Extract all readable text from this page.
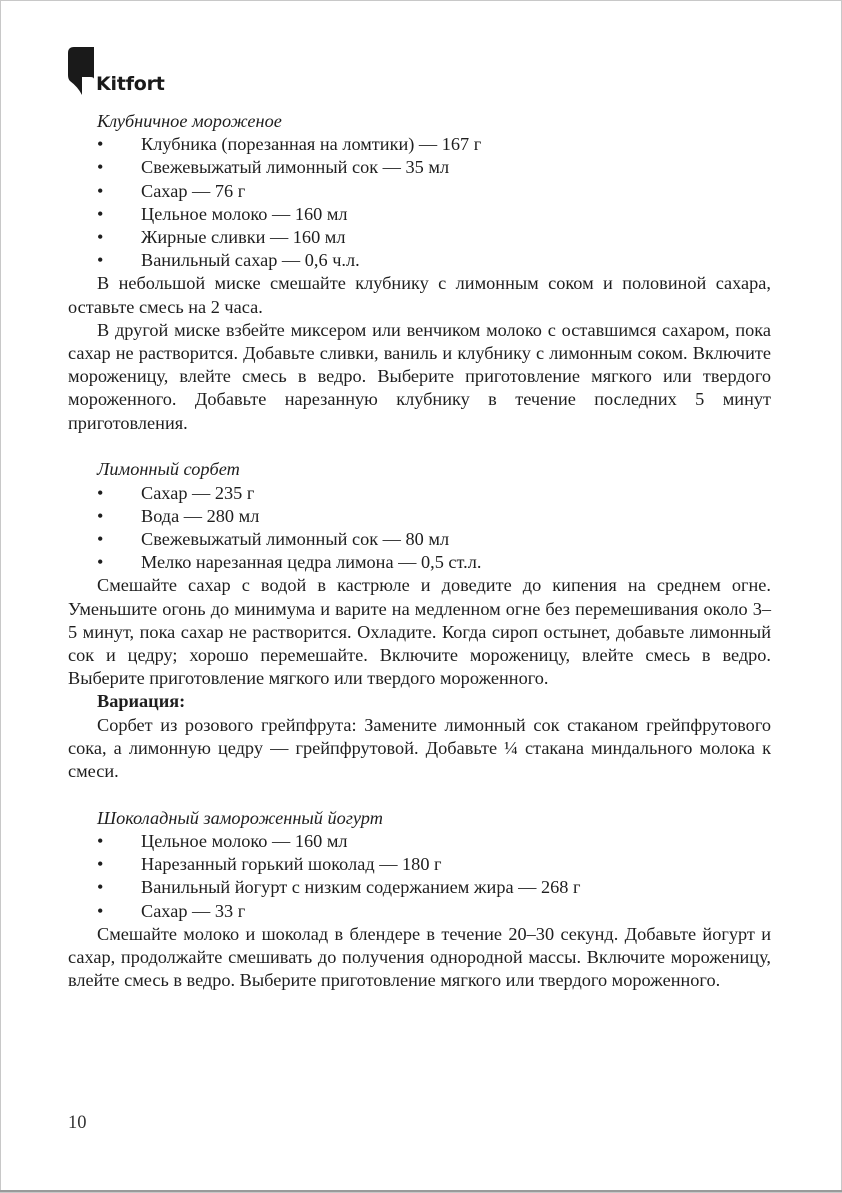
Kitfort

Клубничное мороженое

• Клубника (порезанная на ломтики) — 167 г
• Свежевыжатый лимонный сок — 35 мл
• Сахар — 76 г
• Цельное молоко — 160 мл
• Жирные сливки — 160 мл
• Ванильный сахар — 0,6 ч.л.

В небольшой миске смешайте клубнику с лимонным соком и половиной сахара, оставьте смесь на 2 часа.

В другой миске взбейте миксером или венчиком молоко с оставшимся сахаром, пока сахар не растворится. Добавьте сливки, ваниль и клубнику с лимонным соком. Включите мороженицу, влейте смесь в ведро. Выберите приготовление мягкого или твердого мороженного. Добавьте нарезанную клубнику в течение последних 5 минут приготовления.

Лимонный сорбет

• Сахар — 235 г
• Вода — 280 мл
• Свежевыжатый лимонный сок — 80 мл
• Мелко нарезанная цедра лимона — 0,5 ст.л.

Смешайте сахар с водой в кастрюле и доведите до кипения на среднем огне. Уменьшите огонь до минимума и варите на медленном огне без перемешивания около 3–5 минут, пока сахар не растворится. Охладите. Когда сироп остынет, добавьте лимонный сок и цедру; хорошо перемешайте. Включите мороженицу, влейте смесь в ведро. Выберите приготовление мягкого или твердого мороженного.

Вариация:

Сорбет из розового грейпфрута: Замените лимонный сок стаканом грейпфрутового сока, а лимонную цедру — грейпфрутовой. Добавьте ¼ стакана миндального молока к смеси.

Шоколадный замороженный йогурт

• Цельное молоко — 160 мл
• Нарезанный горький шоколад — 180 г
• Ванильный йогурт с низким содержанием жира — 268 г
• Сахар — 33 г

Смешайте молоко и шоколад в блендере в течение 20–30 секунд. Добавьте йогурт и сахар, продолжайте смешивать до получения однородной массы. Включите мороженицу, влейте смесь в ведро. Выберите приготовление мягкого или твердого мороженного.

10
